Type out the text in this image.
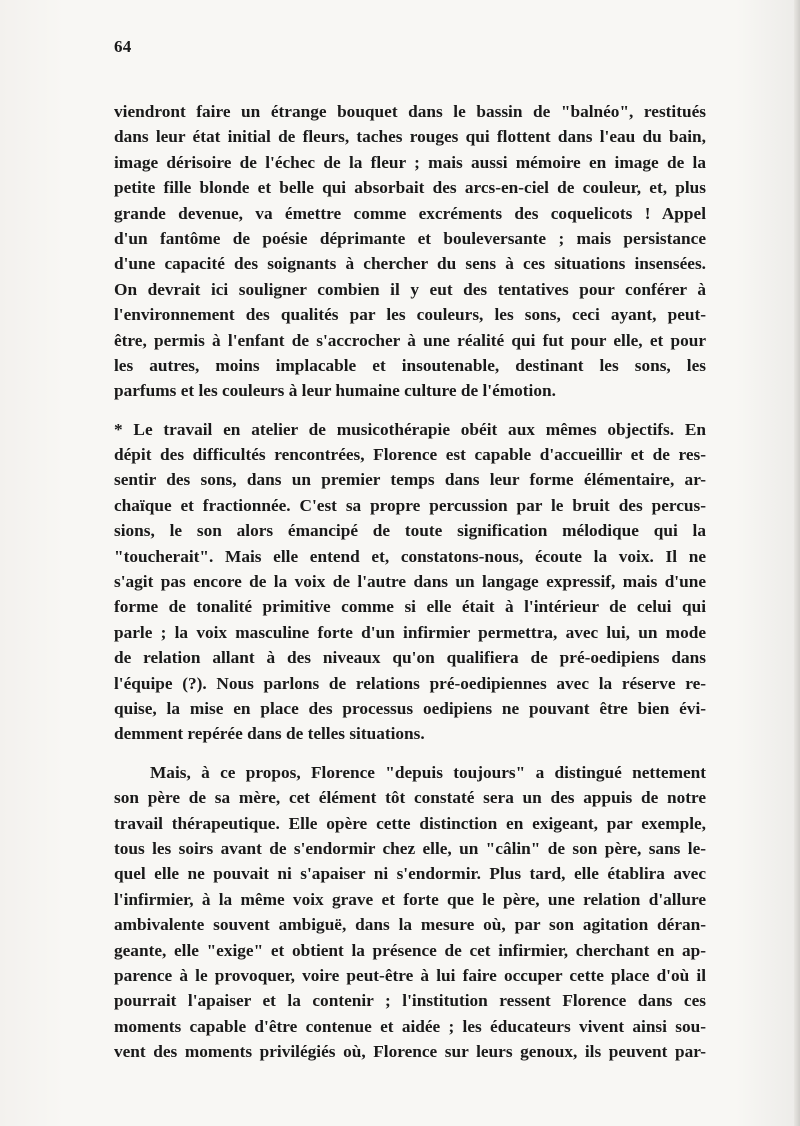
64
viendront faire un étrange bouquet dans le bassin de "balnéo", restitués
dans leur état initial de fleurs, taches rouges qui flottent dans l'eau du bain,
image dérisoire de l'échec de la fleur ; mais aussi mémoire en image de la
petite fille blonde et belle qui absorbait des arcs-en-ciel de couleur, et, plus
grande devenue, va émettre comme excréments des coquelicots ! Appel
d'un fantôme de poésie déprimante et bouleversante ; mais persistance
d'une capacité des soignants à chercher du sens à ces situations insensées.
On devrait ici souligner combien il y eut des tentatives pour conférer à
l'environnement des qualités par les couleurs, les sons, ceci ayant, peut-
être, permis à l'enfant de s'accrocher à une réalité qui fut pour elle, et pour
les autres, moins implacable et insoutenable, destinant les sons, les
parfums et les couleurs à leur humaine culture de l'émotion.
* Le travail en atelier de musicothérapie obéit aux mêmes objectifs. En
dépit des difficultés rencontrées, Florence est capable d'accueillir et de res-
sentir des sons, dans un premier temps dans leur forme élémentaire, ar-
chaïque et fractionnée. C'est sa propre percussion par le bruit des percus-
sions, le son alors émancipé de toute signification mélodique qui la
"toucherait". Mais elle entend et, constatons-nous, écoute la voix. Il ne
s'agit pas encore de la voix de l'autre dans un langage expressif, mais d'une
forme de tonalité primitive comme si elle était à l'intérieur de celui qui
parle ; la voix masculine forte d'un infirmier permettra, avec lui, un mode
de relation allant à des niveaux qu'on qualifiera de pré-oedipiens dans
l'équipe (?). Nous parlons de relations pré-oedipiennes avec la réserve re-
quise, la mise en place des processus oedipiens ne pouvant être bien évi-
demment repérée dans de telles situations.
Mais, à ce propos, Florence "depuis toujours" a distingué nettement
son père de sa mère, cet élément tôt constaté sera un des appuis de notre
travail thérapeutique. Elle opère cette distinction en exigeant, par exemple,
tous les soirs avant de s'endormir chez elle, un "câlin" de son père, sans le-
quel elle ne pouvait ni s'apaiser ni s'endormir. Plus tard, elle établira avec
l'infirmier, à la même voix grave et forte que le père, une relation d'allure
ambivalente souvent ambiguë, dans la mesure où, par son agitation déran-
geante, elle "exige" et obtient la présence de cet infirmier, cherchant en ap-
parence à le provoquer, voire peut-être à lui faire occuper cette place d'où il
pourrait l'apaiser et la contenir ; l'institution ressent Florence dans ces
moments capable d'être contenue et aidée ; les éducateurs vivent ainsi sou-
vent des moments privilégiés où, Florence sur leurs genoux, ils peuvent par-
